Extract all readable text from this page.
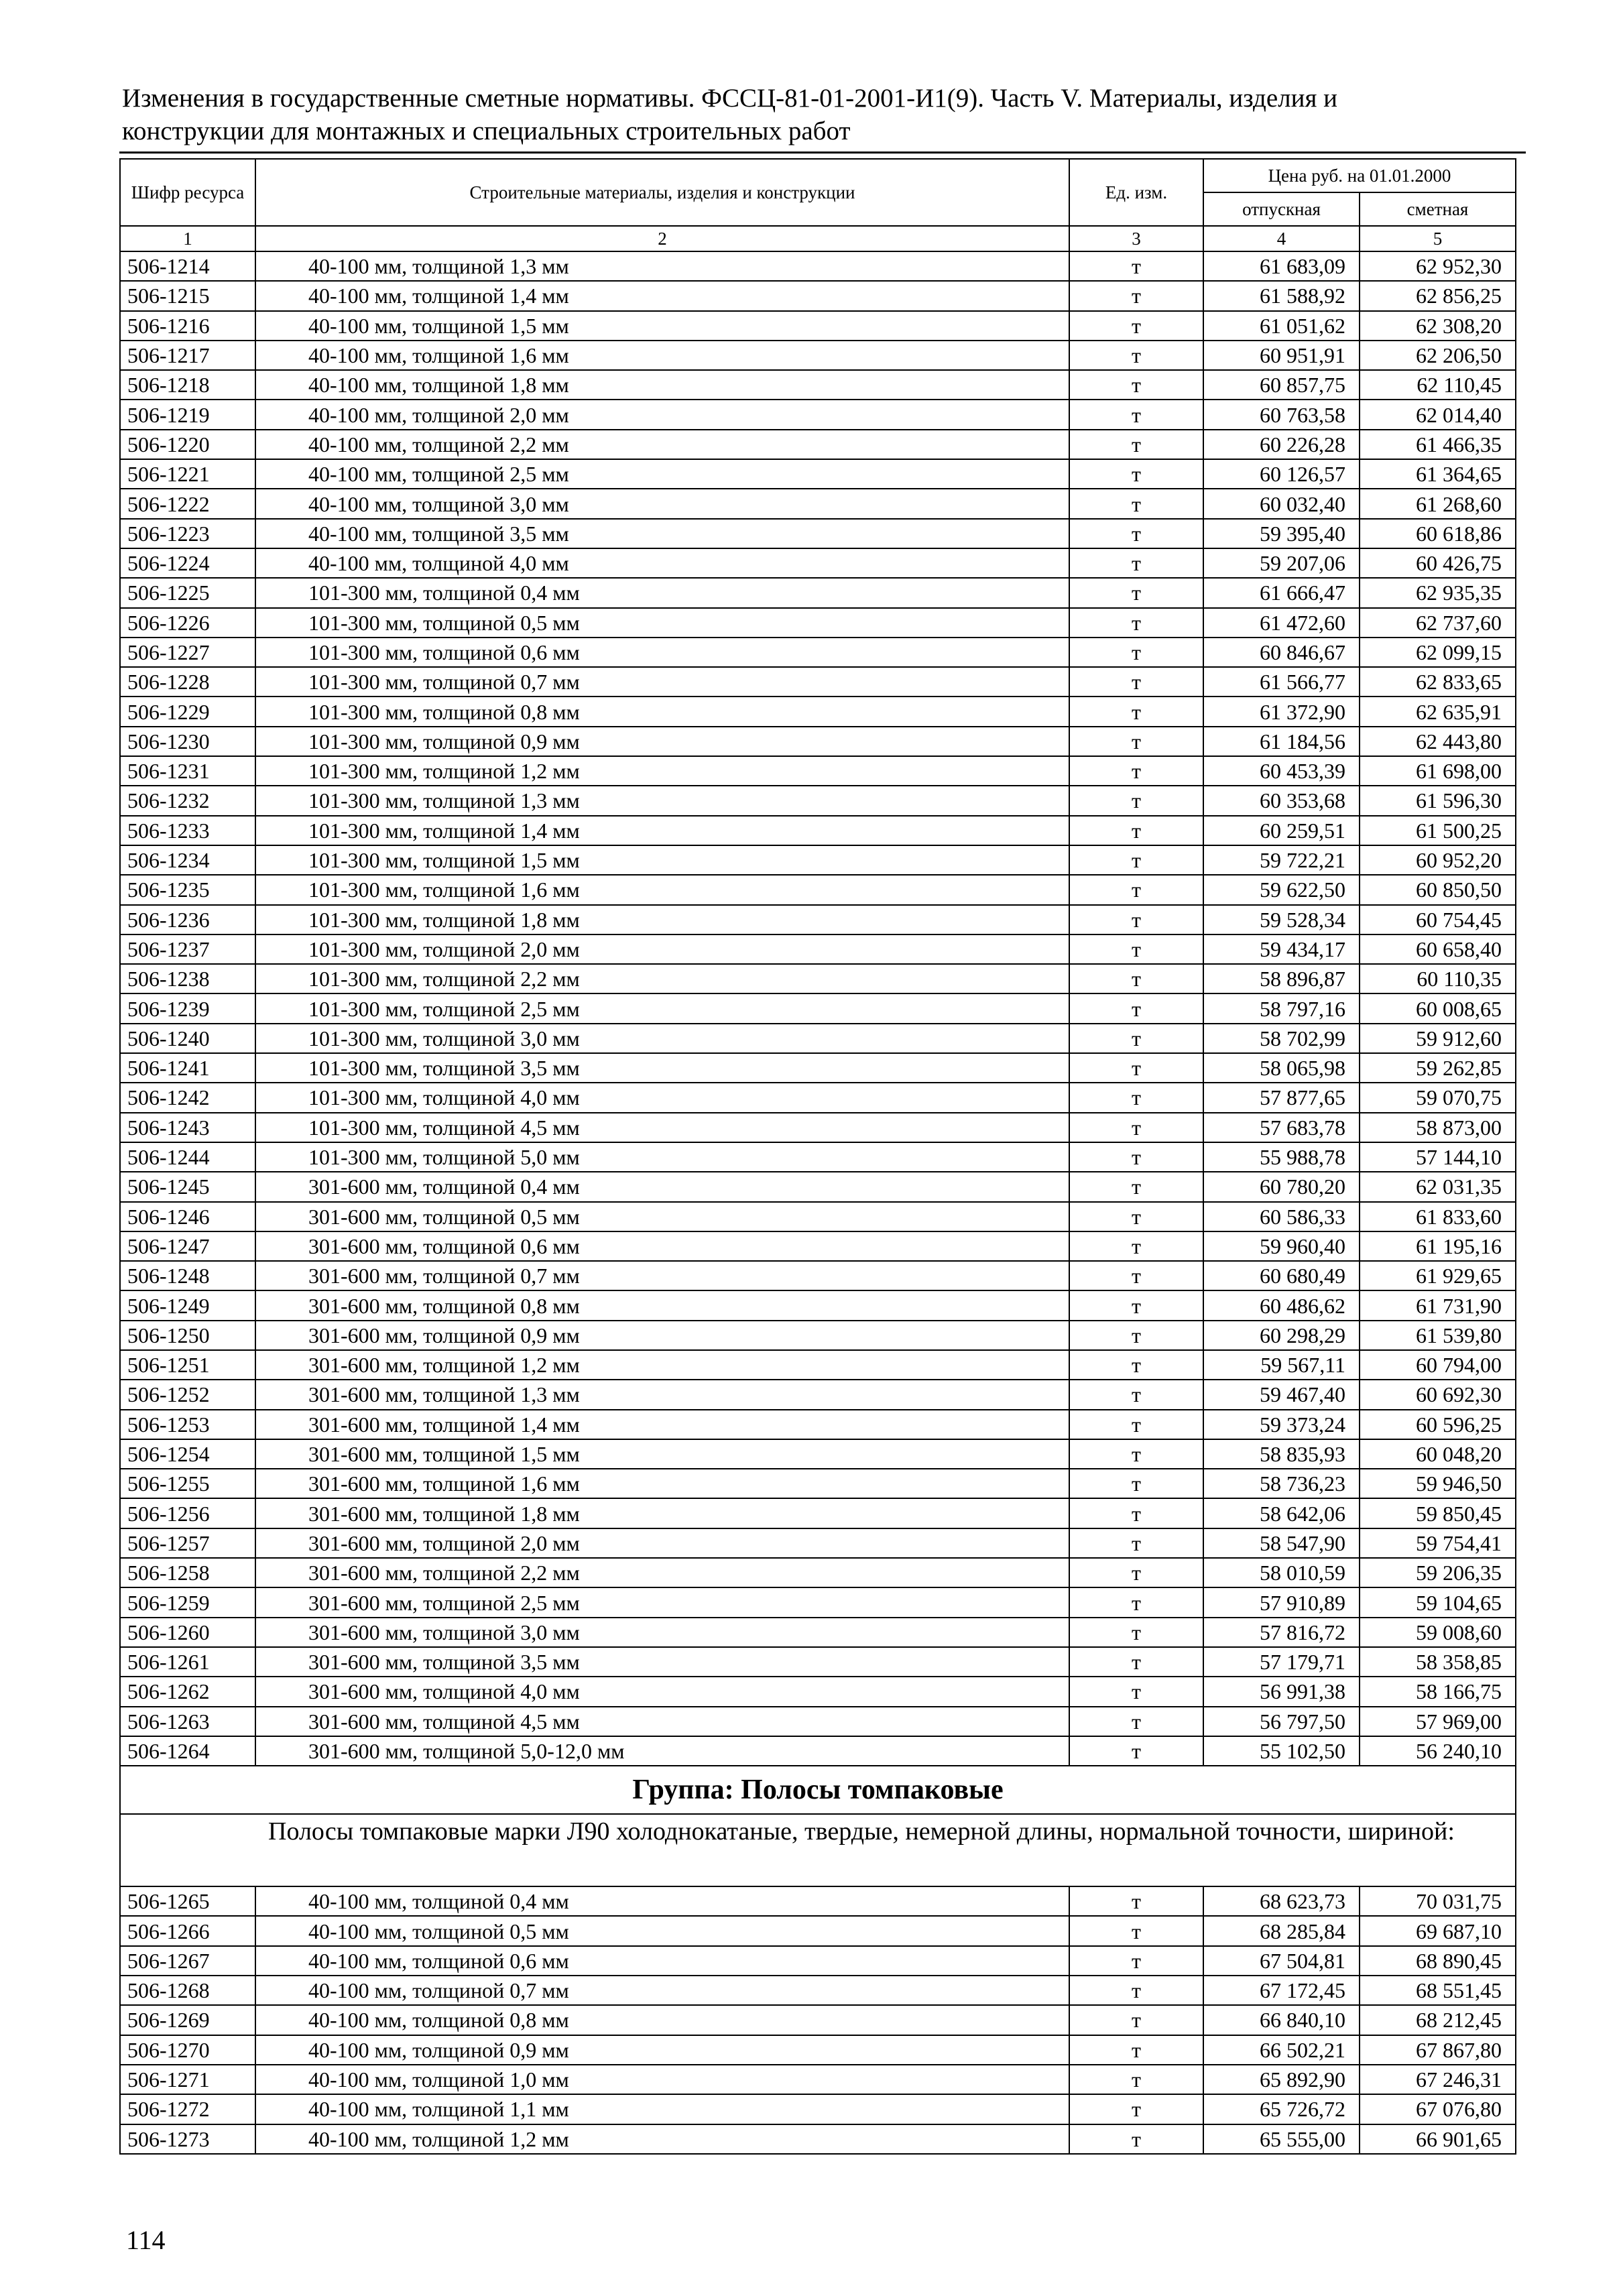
Изменения в государственные сметные нормативы. ФССЦ-81-01-2001-И1(9). Часть V. Материалы, изделия и
конструкции для монтажных и специальных строительных работ
Шифр ресурса	Строительные материалы, изделия и конструкции	Ед. изм.	Цена руб. на 01.01.2000	
			отпускная	сметная
1	2	3	4	5
506-1214	40-100 мм, толщиной 1,3 мм	т	61 683,09	62 952,30
506-1215	40-100 мм, толщиной 1,4 мм	т	61 588,92	62 856,25
506-1216	40-100 мм, толщиной 1,5 мм	т	61 051,62	62 308,20
506-1217	40-100 мм, толщиной 1,6 мм	т	60 951,91	62 206,50
506-1218	40-100 мм, толщиной 1,8 мм	т	60 857,75	62 110,45
506-1219	40-100 мм, толщиной 2,0 мм	т	60 763,58	62 014,40
506-1220	40-100 мм, толщиной 2,2 мм	т	60 226,28	61 466,35
506-1221	40-100 мм, толщиной 2,5 мм	т	60 126,57	61 364,65
506-1222	40-100 мм, толщиной 3,0 мм	т	60 032,40	61 268,60
506-1223	40-100 мм, толщиной 3,5 мм	т	59 395,40	60 618,86
506-1224	40-100 мм, толщиной 4,0 мм	т	59 207,06	60 426,75
506-1225	101-300 мм, толщиной 0,4 мм	т	61 666,47	62 935,35
506-1226	101-300 мм, толщиной 0,5 мм	т	61 472,60	62 737,60
506-1227	101-300 мм, толщиной 0,6 мм	т	60 846,67	62 099,15
506-1228	101-300 мм, толщиной 0,7 мм	т	61 566,77	62 833,65
506-1229	101-300 мм, толщиной 0,8 мм	т	61 372,90	62 635,91
506-1230	101-300 мм, толщиной 0,9 мм	т	61 184,56	62 443,80
506-1231	101-300 мм, толщиной 1,2 мм	т	60 453,39	61 698,00
506-1232	101-300 мм, толщиной 1,3 мм	т	60 353,68	61 596,30
506-1233	101-300 мм, толщиной 1,4 мм	т	60 259,51	61 500,25
506-1234	101-300 мм, толщиной 1,5 мм	т	59 722,21	60 952,20
506-1235	101-300 мм, толщиной 1,6 мм	т	59 622,50	60 850,50
506-1236	101-300 мм, толщиной 1,8 мм	т	59 528,34	60 754,45
506-1237	101-300 мм, толщиной 2,0 мм	т	59 434,17	60 658,40
506-1238	101-300 мм, толщиной 2,2 мм	т	58 896,87	60 110,35
506-1239	101-300 мм, толщиной 2,5 мм	т	58 797,16	60 008,65
506-1240	101-300 мм, толщиной 3,0 мм	т	58 702,99	59 912,60
506-1241	101-300 мм, толщиной 3,5 мм	т	58 065,98	59 262,85
506-1242	101-300 мм, толщиной 4,0 мм	т	57 877,65	59 070,75
506-1243	101-300 мм, толщиной 4,5 мм	т	57 683,78	58 873,00
506-1244	101-300 мм, толщиной 5,0 мм	т	55 988,78	57 144,10
506-1245	301-600 мм, толщиной 0,4 мм	т	60 780,20	62 031,35
506-1246	301-600 мм, толщиной 0,5 мм	т	60 586,33	61 833,60
506-1247	301-600 мм, толщиной 0,6 мм	т	59 960,40	61 195,16
506-1248	301-600 мм, толщиной 0,7 мм	т	60 680,49	61 929,65
506-1249	301-600 мм, толщиной 0,8 мм	т	60 486,62	61 731,90
506-1250	301-600 мм, толщиной 0,9 мм	т	60 298,29	61 539,80
506-1251	301-600 мм, толщиной 1,2 мм	т	59 567,11	60 794,00
506-1252	301-600 мм, толщиной 1,3 мм	т	59 467,40	60 692,30
506-1253	301-600 мм, толщиной 1,4 мм	т	59 373,24	60 596,25
506-1254	301-600 мм, толщиной 1,5 мм	т	58 835,93	60 048,20
506-1255	301-600 мм, толщиной 1,6 мм	т	58 736,23	59 946,50
506-1256	301-600 мм, толщиной 1,8 мм	т	58 642,06	59 850,45
506-1257	301-600 мм, толщиной 2,0 мм	т	58 547,90	59 754,41
506-1258	301-600 мм, толщиной 2,2 мм	т	58 010,59	59 206,35
506-1259	301-600 мм, толщиной 2,5 мм	т	57 910,89	59 104,65
506-1260	301-600 мм, толщиной 3,0 мм	т	57 816,72	59 008,60
506-1261	301-600 мм, толщиной 3,5 мм	т	57 179,71	58 358,85
506-1262	301-600 мм, толщиной 4,0 мм	т	56 991,38	58 166,75
506-1263	301-600 мм, толщиной 4,5 мм	т	56 797,50	57 969,00
506-1264	301-600 мм, толщиной 5,0-12,0 мм	т	55 102,50	56 240,10
Группа: Полосы томпаковые				
Полосы томпаковые марки Л90 холоднокатаные, твердые, немерной длины, нормальной точности, шириной:				
506-1265	40-100 мм, толщиной 0,4 мм	т	68 623,73	70 031,75
506-1266	40-100 мм, толщиной 0,5 мм	т	68 285,84	69 687,10
506-1267	40-100 мм, толщиной 0,6 мм	т	67 504,81	68 890,45
506-1268	40-100 мм, толщиной 0,7 мм	т	67 172,45	68 551,45
506-1269	40-100 мм, толщиной 0,8 мм	т	66 840,10	68 212,45
506-1270	40-100 мм, толщиной 0,9 мм	т	66 502,21	67 867,80
506-1271	40-100 мм, толщиной 1,0 мм	т	65 892,90	67 246,31
506-1272	40-100 мм, толщиной 1,1 мм	т	65 726,72	67 076,80
506-1273	40-100 мм, толщиной 1,2 мм	т	65 555,00	66 901,65
114
